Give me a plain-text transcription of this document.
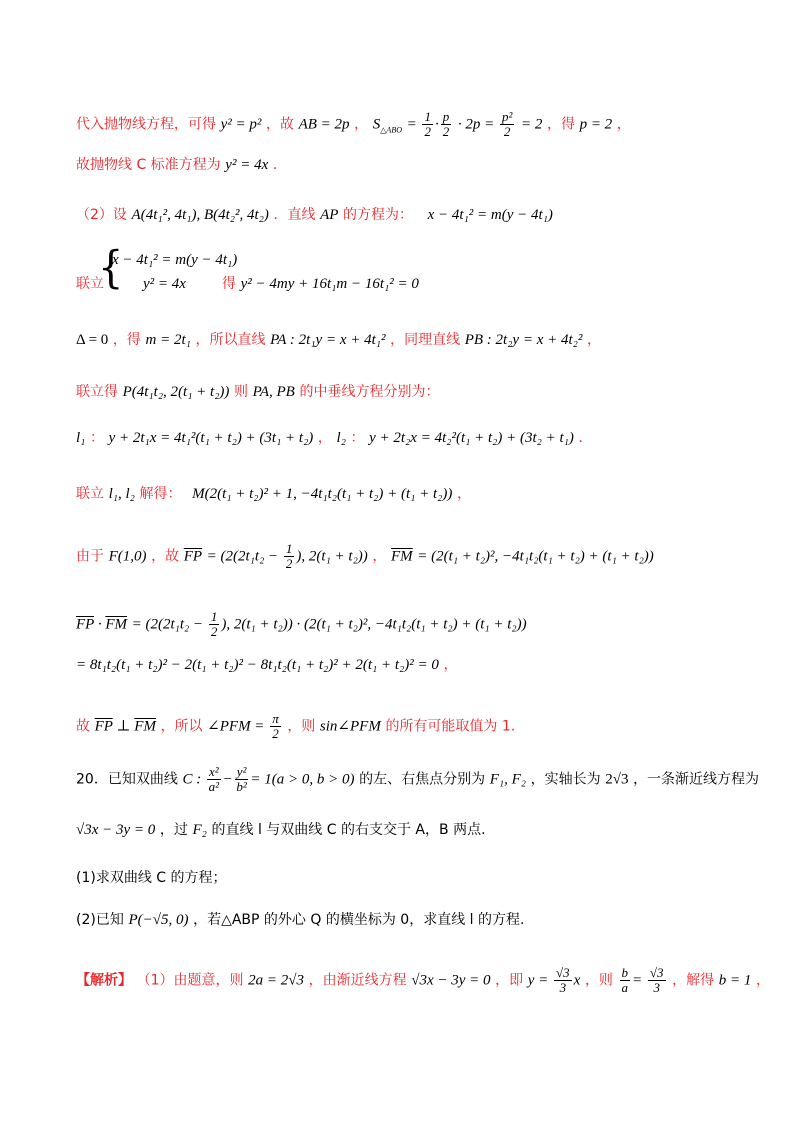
代入抛物线方程，可得 y² = p² ，故 AB = 2p ， $S_{\triangle ABO} = \frac{1}{2} \cdot \frac{p}{2} \cdot 2p = \frac{\text{p²}}{2} = 2$ ，得 p = 2 ，
故抛物线 C 标准方程为 y² = 4x ．
（2）设 A(4t₁², 4t₁), B(4t₂², 4t₂) ．直线 AP 的方程为： x − 4t₁² = m(y − 4t₁)
{
x − 4t₁² = m(y − 4t₁)
联立	y² = 4x	得 y² − 4my + 16t₁m − 16t₁² = 0
Δ = 0 ，得 m = 2t₁ ，所以直线 PA : 2t₁y = x + 4t₁² ，同理直线 PB : 2t₂y = x + 4t₂² ，
联立得 P(4t₁t₂, 2(t₁ + t₂)) 则 PA, PB 的中垂线方程分别为：
l₁ ： y + 2t₁x = 4t₁²(t₁ + t₂) + (3t₁ + t₂) ， l₂ ： y + 2t₂x = 4t₂²(t₁ + t₂) + (3t₂ + t₁) ．
联立 l₁, l₂ 解得： M(2(t₁ + t₂)² + 1, −4t₁t₂(t₁ + t₂) + (t₁ + t₂)) ，
由于 F(1,0) ，故 $\overline{FP} = (2(2t_1t_2 - \frac{1}{2}$ ), 2(t₁ + t₂)) ， $\overline{FM} = (2(t_1 + t_2)^2$, −4t₁t₂(t₁ + t₂) + (t₁ + t₂))
$\overline{FP} \cdot \overline{FM} = (2(2t_1t_2 - \frac{1}{2}$ ), 2(t₁ + t₂)) · (2(t₁ + t₂)², −4t₁t₂(t₁ + t₂) + (t₁ + t₂))
= 8t₁t₂(t₁ + t₂)² − 2(t₁ + t₂)² − 8t₁t₂(t₁ + t₂)² + 2(t₁ + t₂)² = 0 ，
故 $\overline{FP}$ ⊥ $\overline{FM}$ ，所以 ∠PFM = $\frac{\pi}{2}$ ，则 sin∠PFM 的所有可能取值为 1.
20．已知双曲线 C : $\frac{\text{x²}}{\text{a²}} - \frac{\text{y²}}{\text{b²}} = 1(a > 0$, b > 0) 的左、右焦点分别为 F₁, F₂ ，实轴长为 2√3 ，一条渐近线方程为
√3x − 3y = 0 ，过 F₂ 的直线 l 与双曲线 C 的右支交于 A，B 两点.
(1)求双曲线 C 的方程；
(2)已知 P(−√5, 0) ，若△ABP 的外心 Q 的横坐标为 0，求直线 l 的方程.
【解析】 （1）由题意，则 2a = 2√3 ，由渐近线方程 √3x − 3y = 0 ，即 $y = \frac{√3}{3}$ x ，则 $\frac{b}{a} = \frac{√3}{3}$ ，解得 b = 1 ，
